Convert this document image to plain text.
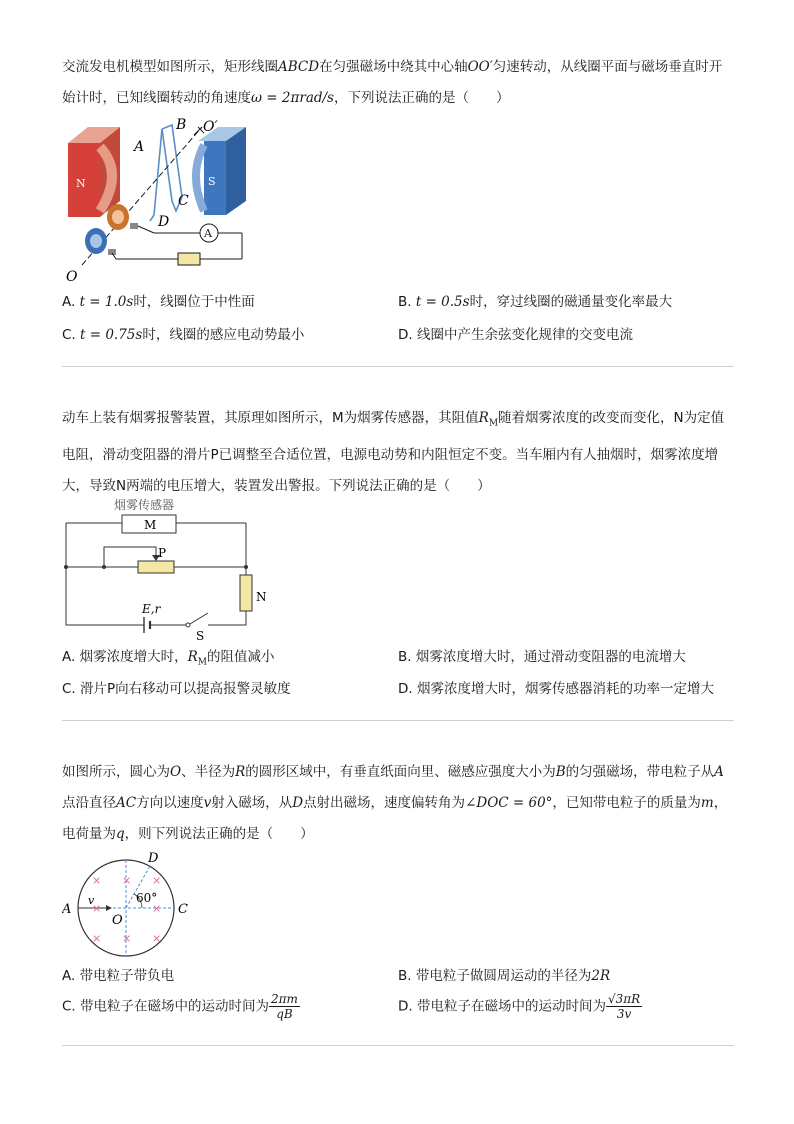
交流发电机模型如图所示，矩形线圈ABCD在匀强磁场中绕其中心轴OO′匀速转动，从线圈平面与磁场垂直时开始计时，已知线圈转动的角速度ω = 2πrad/s，下列说法正确的是（　　）

N	S
A
A
B
C
D
O′
O
A. t = 1.0s时，线圈位于中性面	B. t = 0.5s时，穿过线圈的磁通量变化率最大
C. t = 0.75s时，线圈的感应电动势最小	D. 线圈中产生余弦变化规律的交变电流

动车上装有烟雾报警装置，其原理如图所示，M为烟雾传感器，其阻值$R_M$随着烟雾浓度的改变而变化，N为定值电阻，滑动变阻器的滑片P已调整至合适位置，电源电动势和内阻恒定不变。当车厢内有人抽烟时，烟雾浓度增大，导致N两端的电压增大，装置发出警报。下列说法正确的是（　　）

烟雾传感器
M
P
N
E,r
S
A. 烟雾浓度增大时，$R_M$的阻值减小	B. 烟雾浓度增大时，通过滑动变阻器的电流增大
C. 滑片P向右移动可以提高报警灵敏度	D. 烟雾浓度增大时，烟雾传感器消耗的功率一定增大

如图所示，圆心为O、半径为R的圆形区域中，有垂直纸面向里、磁感应强度大小为B的匀强磁场，带电粒子从A点沿直径AC方向以速度v射入磁场，从D点射出磁场，速度偏转角为∠DOC = 60°，已知带电粒子的质量为m，电荷量为q，则下列说法正确的是（　　）

× × ×
×	×
× × ×
A	C
D
O
v	60°
A. 带电粒子带负电	B. 带电粒子做圆周运动的半径为2R
C. 带电粒子在磁场中的运动时间为 $\frac{2\pi m}{qB}$	D. 带电粒子在磁场中的运动时间为 $\frac{√3\pi R}{3v}$
